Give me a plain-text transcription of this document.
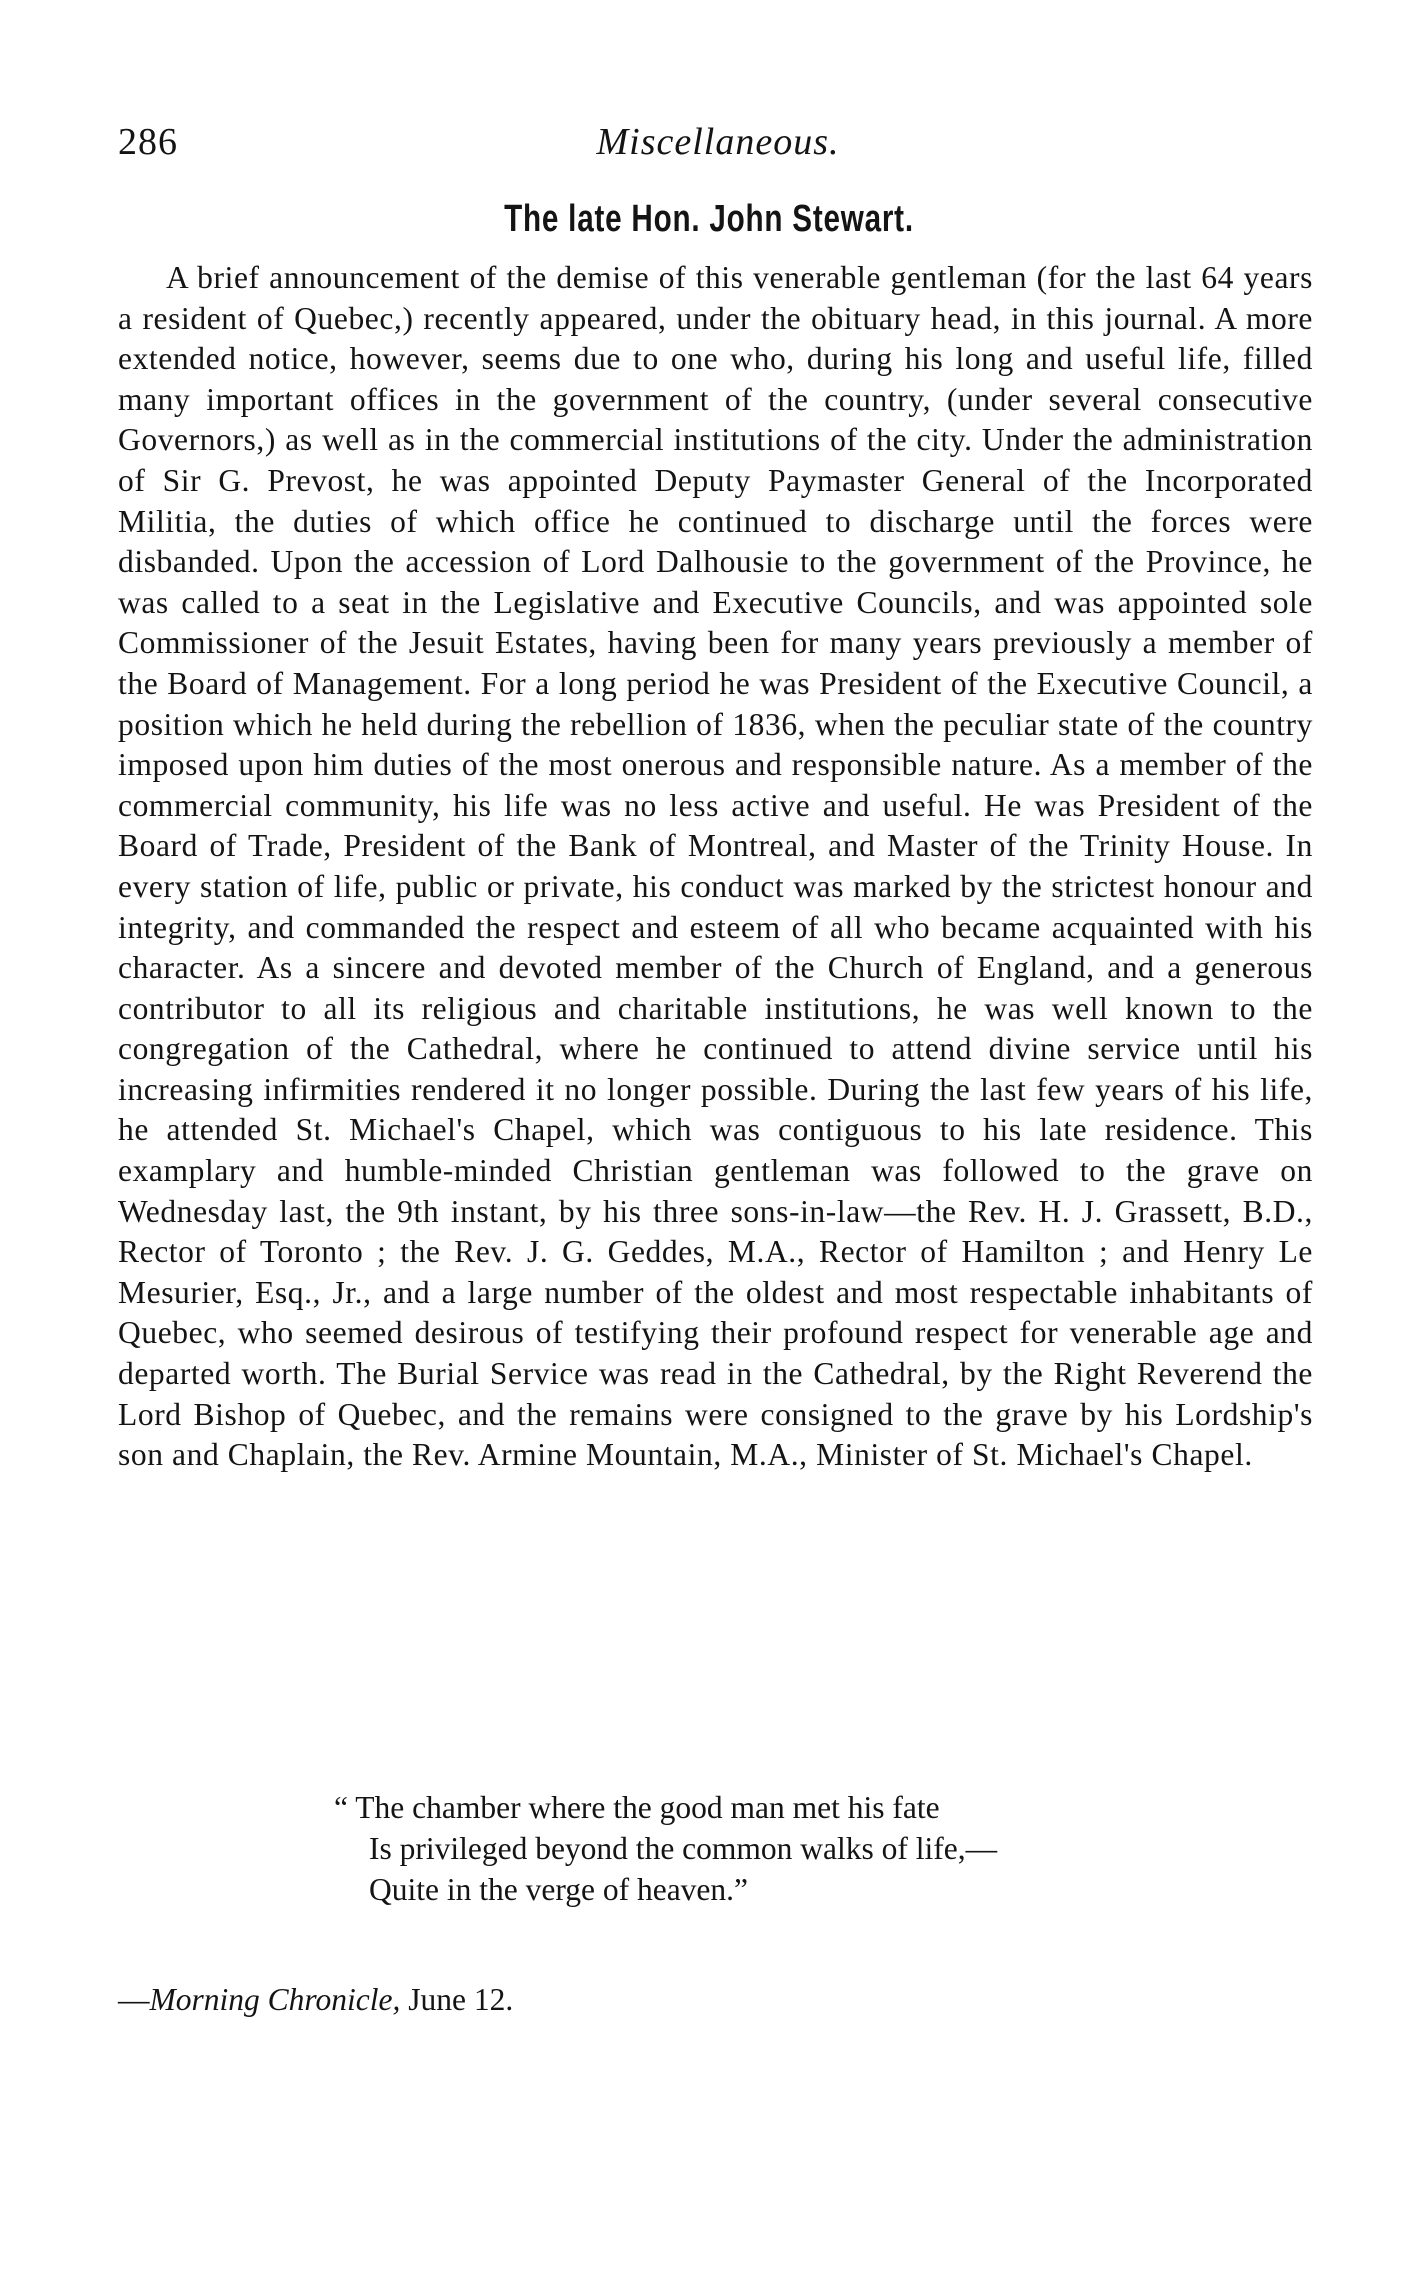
286	Miscellaneous.
The late Hon. John Stewart.

A brief announcement of the demise of this venerable gentleman (for the last 64 years a resident of Quebec,) recently appeared, under the obituary head, in this journal. A more extended notice, however, seems due to one who, during his long and useful life, filled many important offices in the government of the country, (under several consecutive Governors,) as well as in the commercial institutions of the city. Under the administration of Sir G. Prevost, he was appointed Deputy Paymaster General of the Incorporated Militia, the duties of which office he continued to discharge until the forces were disbanded. Upon the accession of Lord Dalhousie to the government of the Province, he was called to a seat in the Legislative and Executive Councils, and was appointed sole Commissioner of the Jesuit Estates, having been for many years previously a member of the Board of Management. For a long period he was President of the Executive Council, a position which he held during the rebellion of 1836, when the peculiar state of the country imposed upon him duties of the most onerous and responsible nature. As a member of the commercial community, his life was no less active and useful. He was President of the Board of Trade, President of the Bank of Montreal, and Master of the Trinity House. In every station of life, public or private, his conduct was marked by the strictest honour and integrity, and commanded the respect and esteem of all who became acquainted with his character. As a sincere and devoted member of the Church of England, and a generous contributor to all its religious and charitable institutions, he was well known to the congregation of the Cathedral, where he continued to attend divine service until his increasing infirmities rendered it no longer possible. During the last few years of his life, he attended St. Michael's Chapel, which was contiguous to his late residence. This examplary and humble-minded Christian gentleman was followed to the grave on Wednesday last, the 9th instant, by his three sons-in-law—the Rev. H. J. Grassett, B.D., Rector of Toronto ; the Rev. J. G. Geddes, M.A., Rector of Hamilton ; and Henry Le Mesurier, Esq., Jr., and a large number of the oldest and most respectable inhabitants of Quebec, who seemed desirous of testifying their profound respect for venerable age and departed worth. The Burial Service was read in the Cathedral, by the Right Reverend the Lord Bishop of Quebec, and the remains were consigned to the grave by his Lordship's son and Chaplain, the Rev. Armine Mountain, M.A., Minister of St. Michael's Chapel.

“ The chamber where the good man met his fate
Is privileged beyond the common walks of life,—
Quite in the verge of heaven.”
—Morning Chronicle, June 12.
